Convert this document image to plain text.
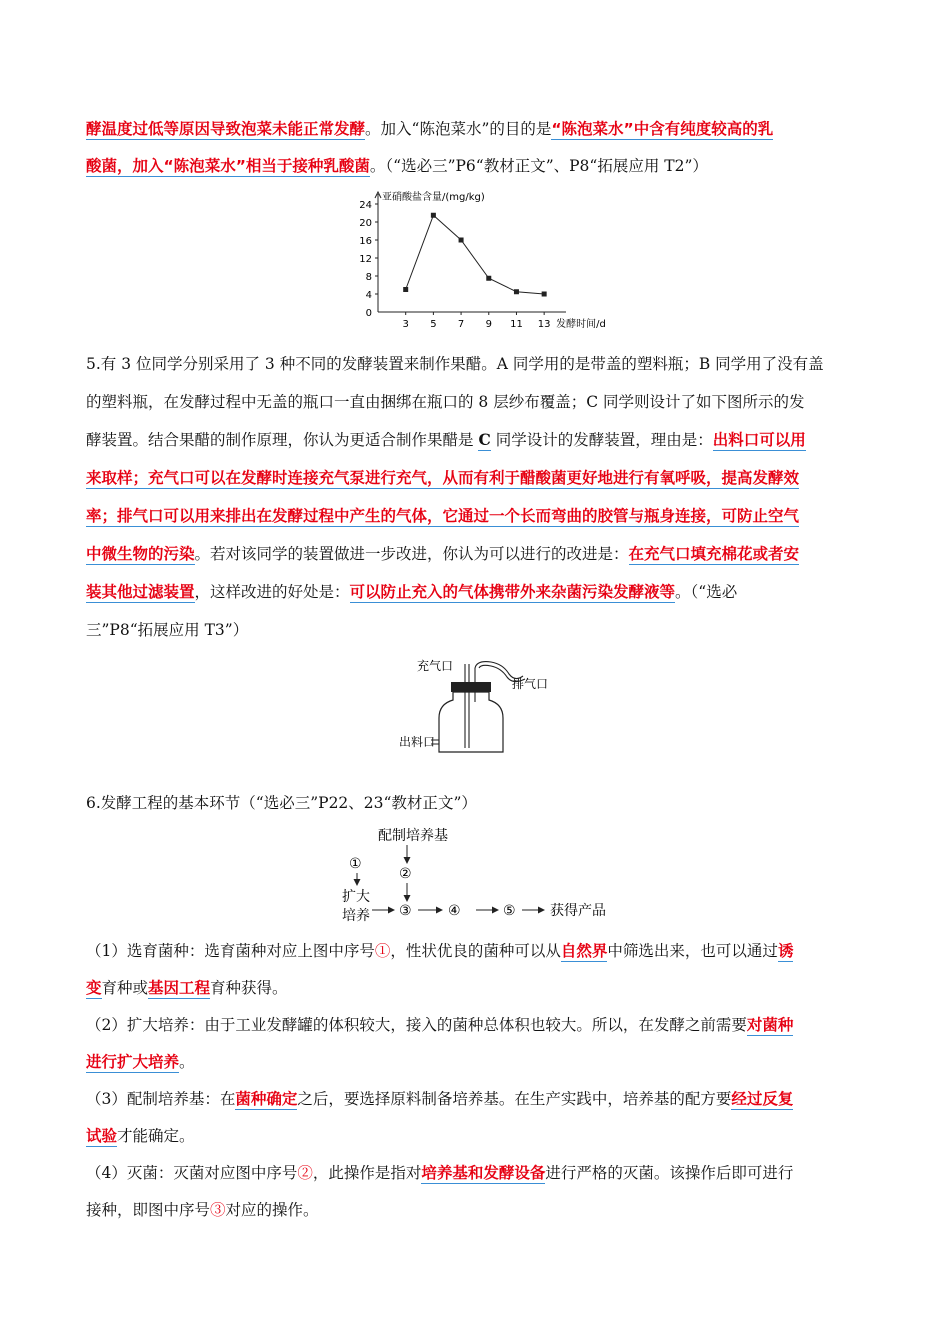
酵温度过低等原因导致泡菜未能正常发酵。加入“陈泡菜水”的目的是“陈泡菜水”中含有纯度较高的乳
酸菌，加入“陈泡菜水”相当于接种乳酸菌。（“选必三”P6“教材正文”、P8“拓展应用 T2”）
亚硝酸盐含量/(mg/kg)
0
4
8
12
16
20
24
3 5 7 9 11 13 发酵时间/d
5.有 3 位同学分别采用了 3 种不同的发酵装置来制作果醋。A 同学用的是带盖的塑料瓶；B 同学用了没有盖
的塑料瓶，在发酵过程中无盖的瓶口一直由捆绑在瓶口的 8 层纱布覆盖；C 同学则设计了如下图所示的发
酵装置。结合果醋的制作原理，你认为更适合制作果醋是 C 同学设计的发酵装置，理由是：出料口可以用
来取样；充气口可以在发酵时连接充气泵进行充气，从而有利于醋酸菌更好地进行有氧呼吸，提高发酵效
率；排气口可以用来排出在发酵过程中产生的气体，它通过一个长而弯曲的胶管与瓶身连接，可防止空气
中微生物的污染。若对该同学的装置做进一步改进，你认为可以进行的改进是：在充气口填充棉花或者安
装其他过滤装置，这样改进的好处是：可以防止充入的气体携带外来杂菌污染发酵液等。（“选必
三”P8“拓展应用 T3”）
充气口
排气口
出料口
6.发酵工程的基本环节（“选必三”P22、23“教材正文”）
配制培养基
②
①
扩大
培养 ③	④	⑤ 获得产品
（1）选育菌种：选育菌种对应上图中序号①，性状优良的菌种可以从自然界中筛选出来，也可以通过诱
变育种或基因工程育种获得。
（2）扩大培养：由于工业发酵罐的体积较大，接入的菌种总体积也较大。所以，在发酵之前需要对菌种
进行扩大培养。
（3）配制培养基：在菌种确定之后，要选择原料制备培养基。在生产实践中，培养基的配方要经过反复
试验才能确定。
（4）灭菌：灭菌对应图中序号②，此操作是指对培养基和发酵设备进行严格的灭菌。该操作后即可进行
接种，即图中序号③对应的操作。
